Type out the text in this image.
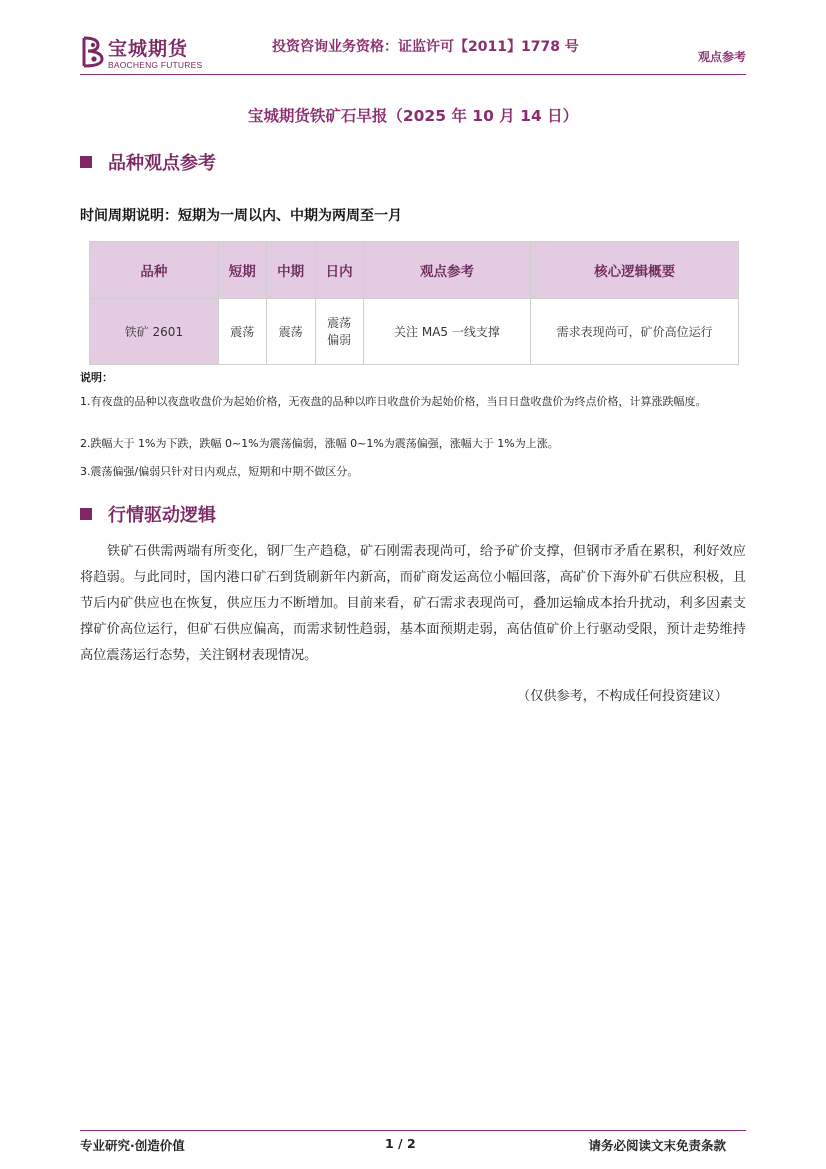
宝城期货
BAOCHENG FUTURES
投资咨询业务资格：证监许可【2011】1778 号
观点参考
宝城期货铁矿石早报（2025 年 10 月 14 日）
品种观点参考
时间周期说明：短期为一周以内、中期为两周至一月
品种	短期	中期	日内	观点参考	核心逻辑概要
铁矿 2601	震荡	震荡	震荡偏弱	关注 MA5 一线支撑	需求表现尚可，矿价高位运行
说明：
1.有夜盘的品种以夜盘收盘价为起始价格，无夜盘的品种以昨日收盘价为起始价格，当日日盘收盘价为终点价格，计算涨跌幅度。
2.跌幅大于 1%为下跌，跌幅 0~1%为震荡偏弱，涨幅 0~1%为震荡偏强，涨幅大于 1%为上涨。
3.震荡偏强/偏弱只针对日内观点，短期和中期不做区分。
行情驱动逻辑

铁矿石供需两端有所变化，钢厂生产趋稳，矿石刚需表现尚可，给予矿价支撑，但钢市矛盾在累积，利好效应将趋弱。与此同时，国内港口矿石到货刷新年内新高，而矿商发运高位小幅回落，高矿价下海外矿石供应积极，且节后内矿供应也在恢复，供应压力不断增加。目前来看，矿石需求表现尚可，叠加运输成本抬升扰动，利多因素支撑矿价高位运行，但矿石供应偏高，而需求韧性趋弱，基本面预期走弱，高估值矿价上行驱动受限，预计走势维持高位震荡运行态势，关注钢材表现情况。

（仅供参考，不构成任何投资建议）
专业研究·创造价值	1 / 2	请务必阅读文末免责条款
